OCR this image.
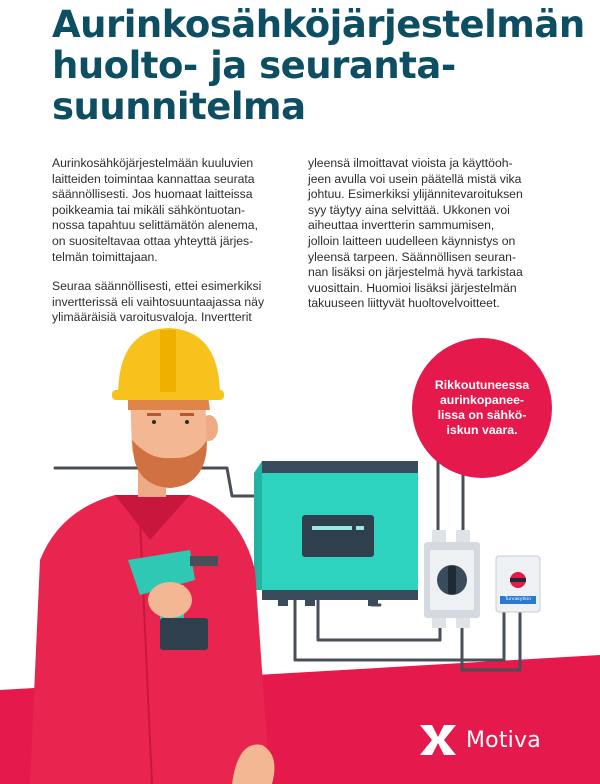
Aurinkosähköjärjestelmän
huolto- ja seuranta-
suunnitelma
Aurinkosähköjärjestelmään kuuluvien
laitteiden toimintaa kannattaa seurata
säännöllisesti. Jos huomaat laitteissa
poikkeamia tai mikäli sähköntuotan-
nossa tapahtuu selittämätön alenema,
on suositeltavaa ottaa yhteyttä järjes-
telmän toimittajaan.
Seuraa säännöllisesti, ettei esimerkiksi
invertterissä eli vaihtosuuntaajassa näy
ylimääräisiä varoitusvaloja. Invertterit
yleensä ilmoittavat vioista ja käyttöoh-
jeen avulla voi usein päätellä mistä vika
johtuu. Esimerkiksi ylijännitevaroituksen
syy täytyy aina selvittää. Ukkonen voi
aiheuttaa invertterin sammumisen,
jolloin laitteen uudelleen käynnistys on
yleensä tarpeen. Säännöllisen seuran-
nan lisäksi on järjestelmä hyvä tarkistaa
vuosittain. Huomioi lisäksi järjestelmän
takuuseen liittyvät huoltovelvoitteet.
Rikkoutuneessa
aurinkopanee-
lissa on sähkö-
iskun vaara.
Turvakytkin
Motiva
